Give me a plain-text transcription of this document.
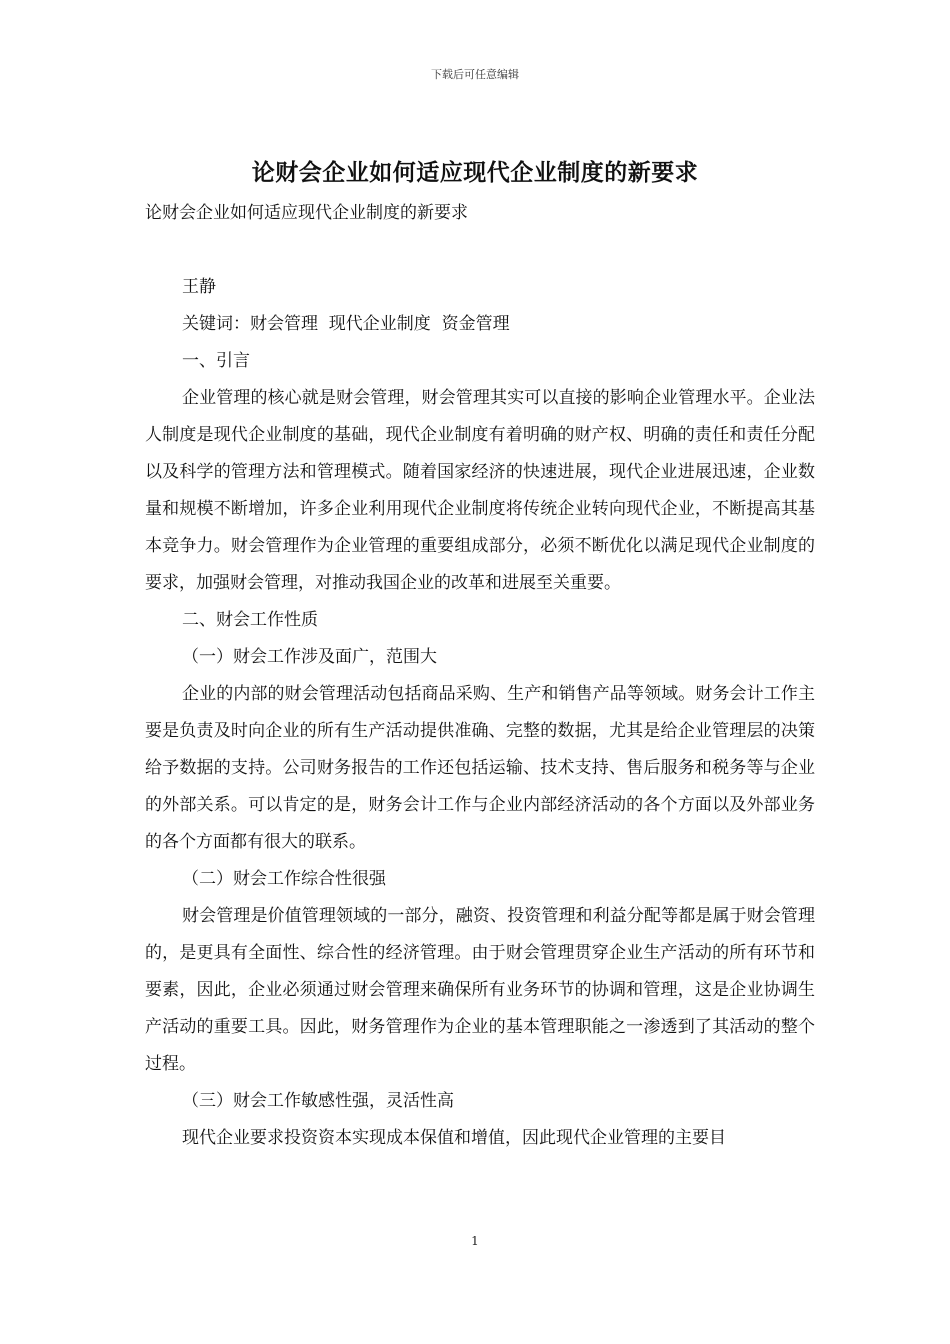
下载后可任意编辑
论财会企业如何适应现代企业制度的新要求

论财会企业如何适应现代企业制度的新要求

王静

关键词：财会管理  现代企业制度  资金管理

一、引言

企业管理的核心就是财会管理，财会管理其实可以直接的影响企业管理水平。企业法人制度是现代企业制度的基础，现代企业制度有着明确的财产权、明确的责任和责任分配以及科学的管理方法和管理模式。随着国家经济的快速进展，现代企业进展迅速，企业数量和规模不断增加，许多企业利用现代企业制度将传统企业转向现代企业，不断提高其基本竞争力。财会管理作为企业管理的重要组成部分，必须不断优化以满足现代企业制度的要求，加强财会管理，对推动我国企业的改革和进展至关重要。

二、财会工作性质

（一）财会工作涉及面广，范围大

企业的内部的财会管理活动包括商品采购、生产和销售产品等领域。财务会计工作主要是负责及时向企业的所有生产活动提供准确、完整的数据，尤其是给企业管理层的决策给予数据的支持。公司财务报告的工作还包括运输、技术支持、售后服务和税务等与企业的外部关系。可以肯定的是，财务会计工作与企业内部经济活动的各个方面以及外部业务的各个方面都有很大的联系。

（二）财会工作综合性很强

财会管理是价值管理领域的一部分，融资、投资管理和利益分配等都是属于财会管理的，是更具有全面性、综合性的经济管理。由于财会管理贯穿企业生产活动的所有环节和要素，因此，企业必须通过财会管理来确保所有业务环节的协调和管理，这是企业协调生产活动的重要工具。因此，财务管理作为企业的基本管理职能之一渗透到了其活动的整个过程。

（三）财会工作敏感性强，灵活性高

现代企业要求投资资本实现成本保值和增值，因此现代企业管理的主要目

1
